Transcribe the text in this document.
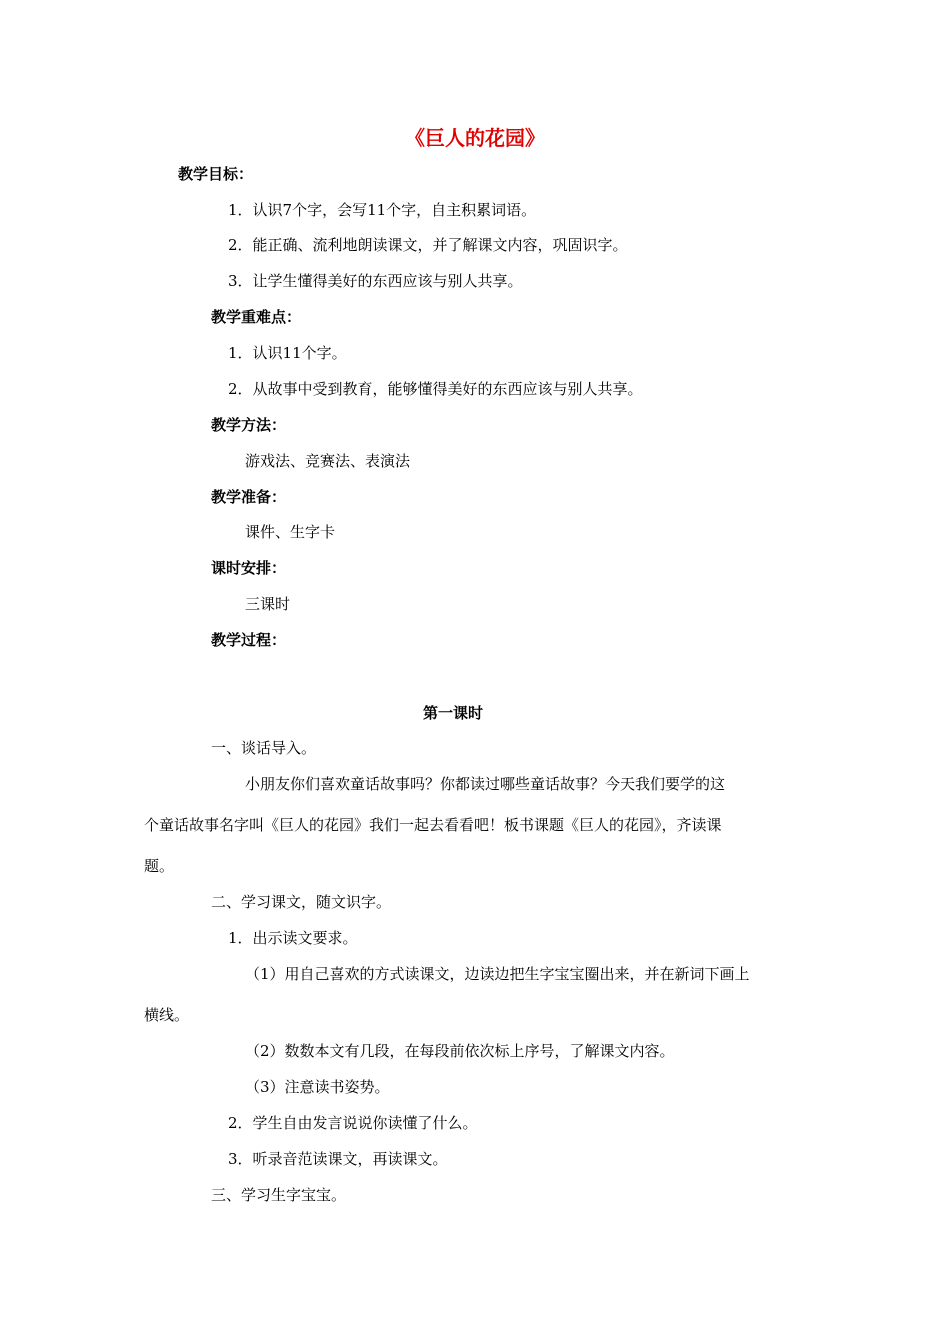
《巨人的花园》
教学目标：
1．认识7个字，会写11个字，自主积累词语。
2．能正确、流利地朗读课文，并了解课文内容，巩固识字。
3．让学生懂得美好的东西应该与别人共享。
教学重难点：
1．认识11个字。
2．从故事中受到教育，能够懂得美好的东西应该与别人共享。
教学方法：
游戏法、竞赛法、表演法
教学准备：
课件、生字卡
课时安排：
三课时
教学过程：
第一课时
一、谈话导入。
小朋友你们喜欢童话故事吗？你都读过哪些童话故事？今天我们要学的这
个童话故事名字叫《巨人的花园》我们一起去看看吧！板书课题《巨人的花园》，齐读课
题。
二、学习课文，随文识字。
1．出示读文要求。
（1）用自己喜欢的方式读课文，边读边把生字宝宝圈出来，并在新词下画上
横线。
（2）数数本文有几段，在每段前依次标上序号，了解课文内容。
（3）注意读书姿势。
2．学生自由发言说说你读懂了什么。
3．听录音范读课文，再读课文。
三、学习生字宝宝。
